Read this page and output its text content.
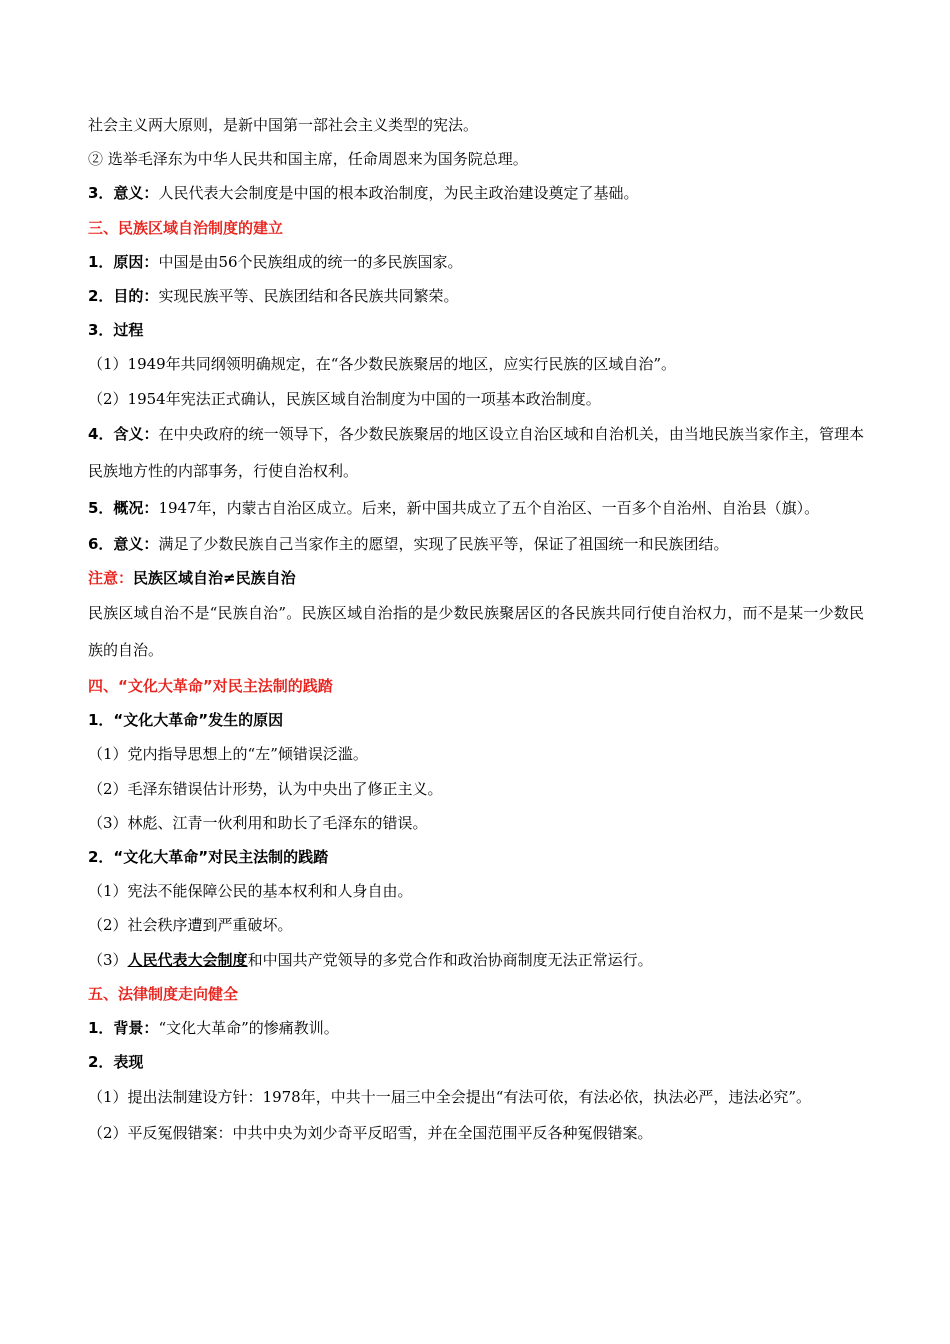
社会主义两大原则，是新中国第一部社会主义类型的宪法。
② 选举毛泽东为中华人民共和国主席，任命周恩来为国务院总理。
3．意义：人民代表大会制度是中国的根本政治制度，为民主政治建设奠定了基础。
三、民族区域自治制度的建立
1．原因：中国是由56个民族组成的统一的多民族国家。
2．目的：实现民族平等、民族团结和各民族共同繁荣。
3．过程
（1）1949年共同纲领明确规定，在“各少数民族聚居的地区，应实行民族的区域自治”。
（2）1954年宪法正式确认，民族区域自治制度为中国的一项基本政治制度。
4．含义：在中央政府的统一领导下，各少数民族聚居的地区设立自治区域和自治机关，由当地民族当家作主，管理本民族地方性的内部事务，行使自治权利。
5．概况：1947年，内蒙古自治区成立。后来，新中国共成立了五个自治区、一百多个自治州、自治县（旗）。
6．意义：满足了少数民族自己当家作主的愿望，实现了民族平等，保证了祖国统一和民族团结。
注意：民族区域自治≠民族自治
民族区域自治不是“民族自治”。民族区域自治指的是少数民族聚居区的各民族共同行使自治权力，而不是某一少数民族的自治。
四、“文化大革命”对民主法制的践踏
1．“文化大革命”发生的原因
（1）党内指导思想上的“左”倾错误泛滥。
（2）毛泽东错误估计形势，认为中央出了修正主义。
（3）林彪、江青一伙利用和助长了毛泽东的错误。
2．“文化大革命”对民主法制的践踏
（1）宪法不能保障公民的基本权利和人身自由。
（2）社会秩序遭到严重破坏。
（3）人民代表大会制度和中国共产党领导的多党合作和政治协商制度无法正常运行。
五、法律制度走向健全
1．背景：“文化大革命”的惨痛教训。
2．表现
（1）提出法制建设方针：1978年，中共十一届三中全会提出“有法可依，有法必依，执法必严，违法必究”。
（2）平反冤假错案：中共中央为刘少奇平反昭雪，并在全国范围平反各种冤假错案。
